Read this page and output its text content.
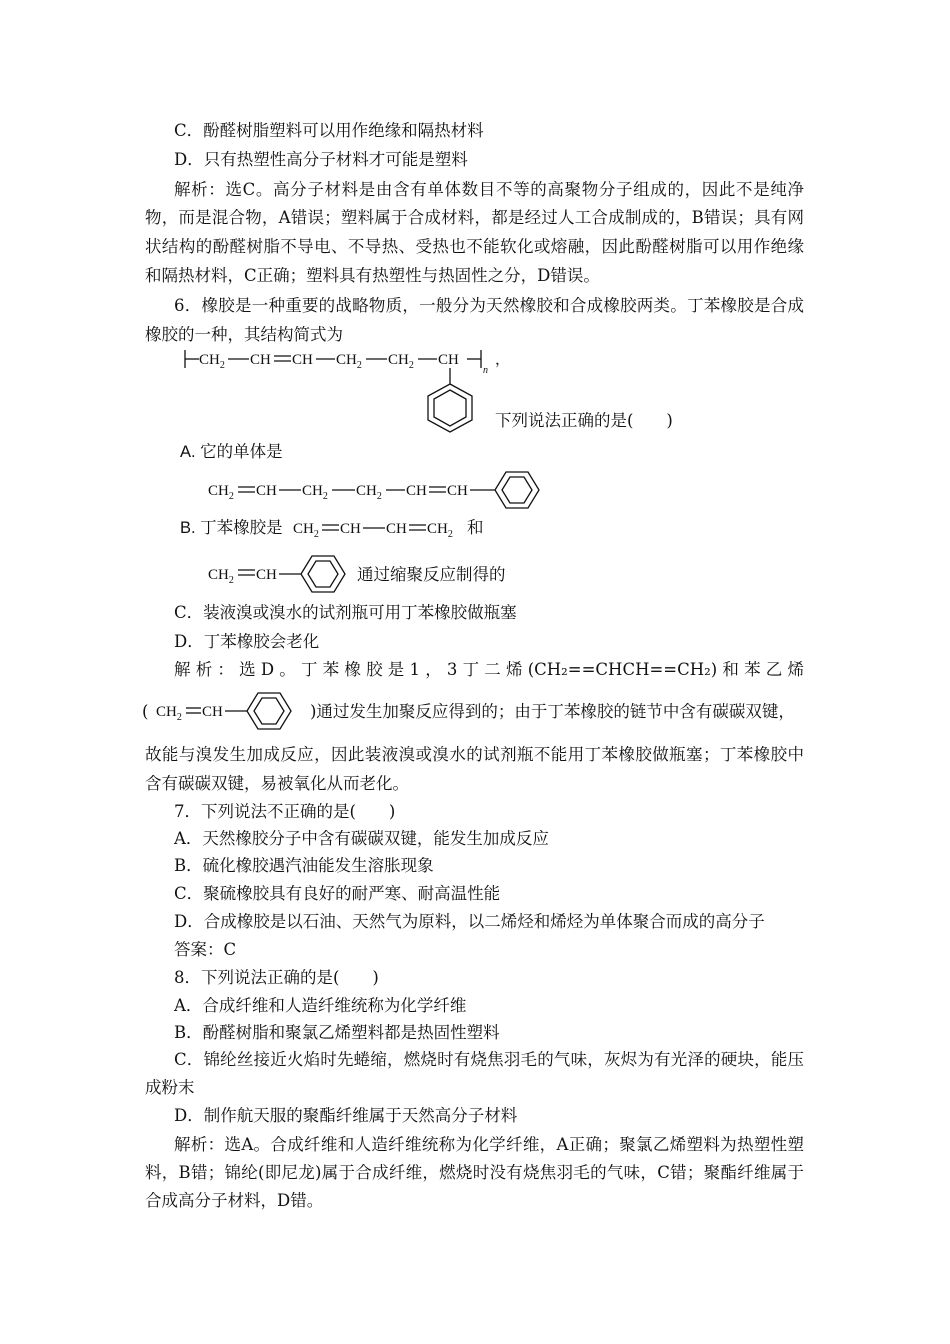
C．酚醛树脂塑料可以用作绝缘和隔热材料
D．只有热塑性高分子材料才可能是塑料
解析：选C。高分子材料是由含有单体数目不等的高聚物分子组成的，因此不是纯净
物，而是混合物，A错误；塑料属于合成材料，都是经过人工合成制成的，B错误；具有网
状结构的酚醛树脂不导电、不导热、受热也不能软化或熔融，因此酚醛树脂可以用作绝缘
和隔热材料，C正确；塑料具有热塑性与热固性之分，D错误。
6．橡胶是一种重要的战略物质，一般分为天然橡胶和合成橡胶两类。丁苯橡胶是合成
橡胶的一种，其结构简式为
$CH_2$ CH CH $CH_2$ $CH_2$ CH
n
，
下列说法正确的是(　　)
A. 它的单体是
$CH_2$ CH $CH_2$ $CH_2$ CH CH
B. 丁苯橡胶是 $CH_2$ CH CH $CH_2$ 和
$CH_2$ CH	通过缩聚反应制得的
C．装液溴或溴水的试剂瓶可用丁苯橡胶做瓶塞
D．丁苯橡胶会老化
解析：选D。丁苯橡胶是1，3丁二烯(CH₂==CHCH==CH₂)和苯乙烯
( $CH_2$ CH	)通过发生加聚反应得到的；由于丁苯橡胶的链节中含有碳碳双键，
故能与溴发生加成反应，因此装液溴或溴水的试剂瓶不能用丁苯橡胶做瓶塞；丁苯橡胶中
含有碳碳双键，易被氧化从而老化。
7．下列说法不正确的是(　　)
A．天然橡胶分子中含有碳碳双键，能发生加成反应
B．硫化橡胶遇汽油能发生溶胀现象
C．聚硫橡胶具有良好的耐严寒、耐高温性能
D．合成橡胶是以石油、天然气为原料，以二烯烃和烯烃为单体聚合而成的高分子
答案：C
8．下列说法正确的是(　　)
A．合成纤维和人造纤维统称为化学纤维
B．酚醛树脂和聚氯乙烯塑料都是热固性塑料
C．锦纶丝接近火焰时先蜷缩，燃烧时有烧焦羽毛的气味，灰烬为有光泽的硬块，能压
成粉末
D．制作航天服的聚酯纤维属于天然高分子材料
解析：选A。合成纤维和人造纤维统称为化学纤维，A正确；聚氯乙烯塑料为热塑性塑
料，B错；锦纶(即尼龙)属于合成纤维，燃烧时没有烧焦羽毛的气味，C错；聚酯纤维属于
合成高分子材料，D错。
